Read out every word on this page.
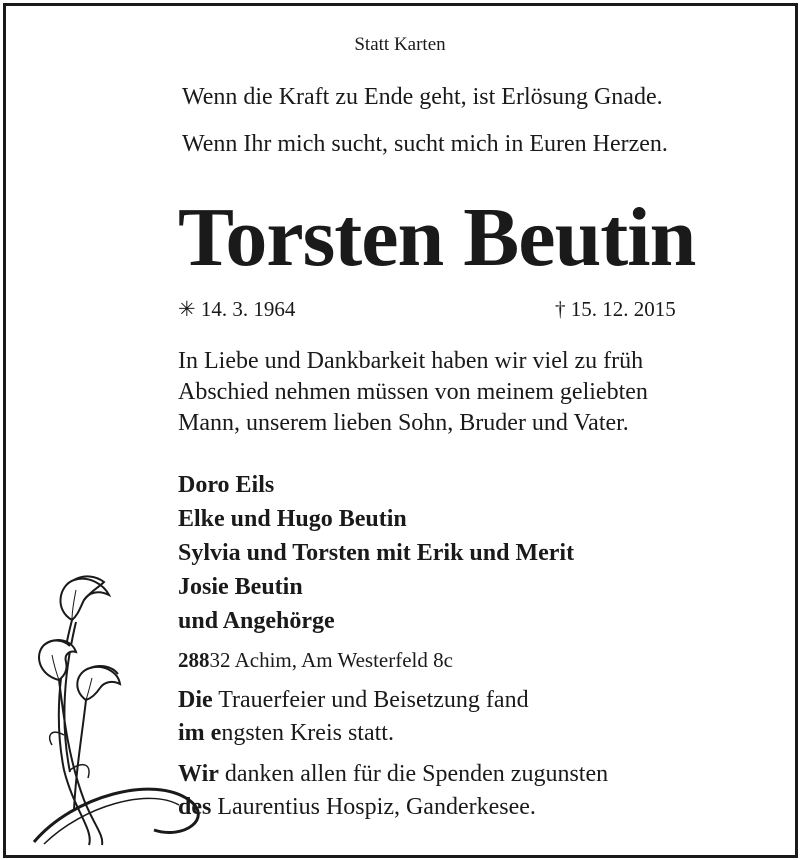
Statt Karten
Wenn die Kraft zu Ende geht, ist Erlösung Gnade.
Wenn Ihr mich sucht, sucht mich in Euren Herzen.
Torsten Beutin
✳ 14. 3. 1964	† 15. 12. 2015
In Liebe und Dankbarkeit haben wir viel zu früh
Abschied nehmen müssen von meinem geliebten
Mann, unserem lieben Sohn, Bruder und Vater.
Doro Eils
Elke und Hugo Beutin
Sylvia und Torsten mit Erik und Merit
Josie Beutin
und Angehörge
28832 Achim, Am Westerfeld 8c
Die Trauerfeier und Beisetzung fand
im engsten Kreis statt.
Wir danken allen für die Spenden zugunsten
des Laurentius Hospiz, Ganderkesee.
